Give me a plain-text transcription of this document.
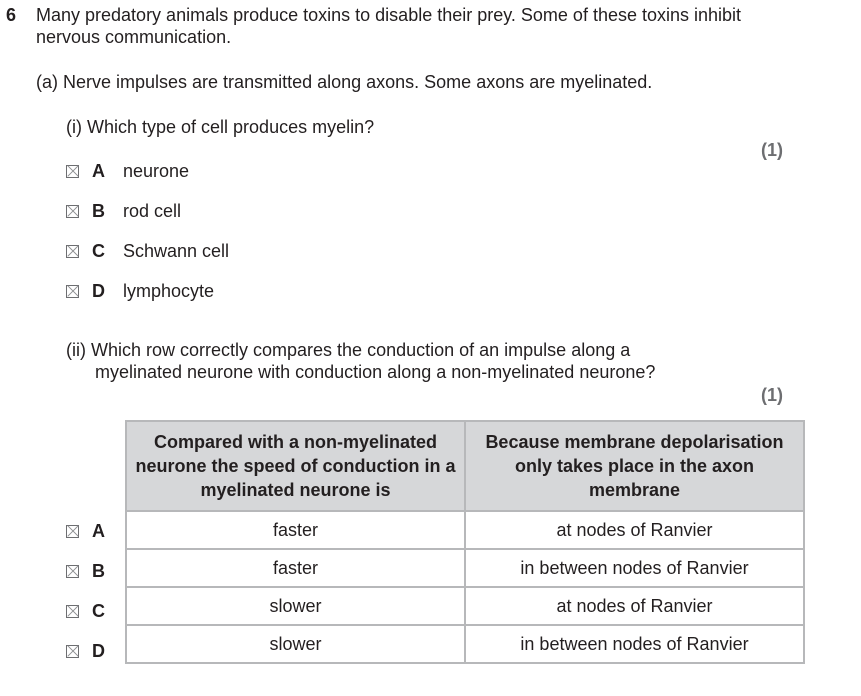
6 Many predatory animals produce toxins to disable their prey. Some of these toxins inhibit nervous communication.
(a) Nerve impulses are transmitted along axons. Some axons are myelinated.
(i) Which type of cell produces myelin?
(1)
A	neurone
B	rod cell
C	Schwann cell
D	lymphocyte
(ii) Which row correctly compares the conduction of an impulse along a
myelinated neurone with conduction along a non-myelinated neurone?
(1)
Compared with a non-myelinated neurone the speed of conduction in a myelinated neurone is	Because membrane depolarisation only takes place in the axon membrane
faster	at nodes of Ranvier
faster	in between nodes of Ranvier
slower	at nodes of Ranvier
slower	in between nodes of Ranvier
A
B
C
D
